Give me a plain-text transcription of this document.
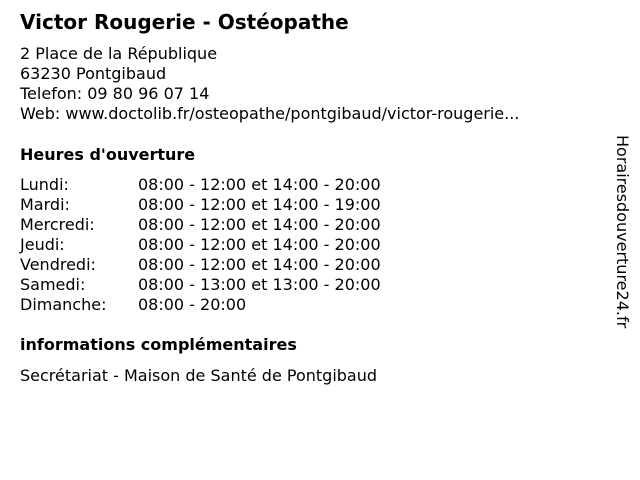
Victor Rougerie - Ostéopathe
2 Place de la République
63230 Pontgibaud
Telefon: 09 80 96 07 14
Web: www.doctolib.fr/osteopathe/pontgibaud/victor-rougerie...
Heures d'ouverture
Lundi:	08:00 - 12:00 et 14:00 - 20:00
Mardi:	08:00 - 12:00 et 14:00 - 19:00
Mercredi:	08:00 - 12:00 et 14:00 - 20:00
Jeudi:	08:00 - 12:00 et 14:00 - 20:00
Vendredi:	08:00 - 12:00 et 14:00 - 20:00
Samedi:	08:00 - 13:00 et 13:00 - 20:00
Dimanche: 08:00 - 20:00
informations complémentaires
Secrétariat - Maison de Santé de Pontgibaud
Horairesdouverture24.fr
